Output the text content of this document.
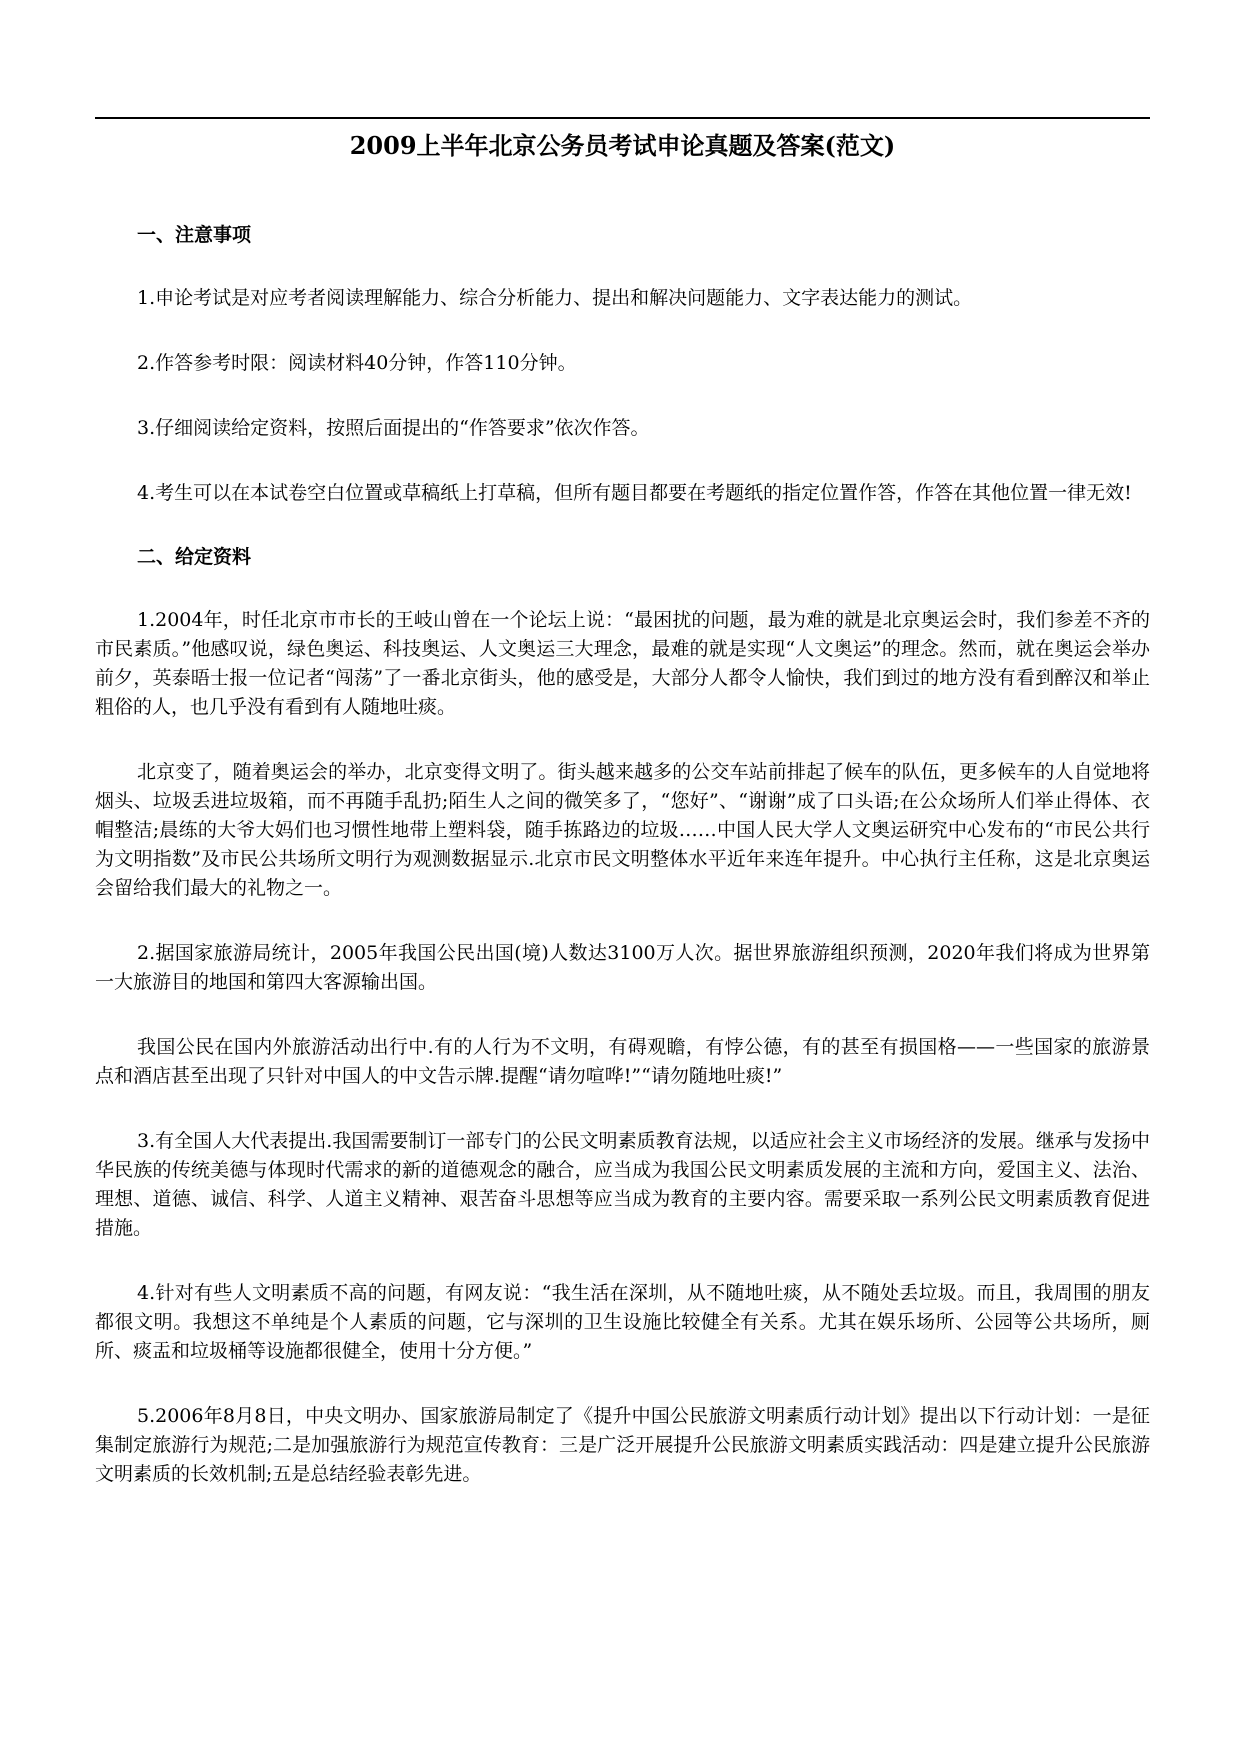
2009上半年北京公务员考试申论真题及答案(范文)
一、注意事项

1.申论考试是对应考者阅读理解能力、综合分析能力、提出和解决问题能力、文字表达能力的测试。

2.作答参考时限：阅读材料40分钟，作答110分钟。

3.仔细阅读给定资料，按照后面提出的“作答要求”依次作答。

4.考生可以在本试卷空白位置或草稿纸上打草稿，但所有题目都要在考题纸的指定位置作答，作答在其他位置一律无效!

二、给定资料

1.2004年，时任北京市市长的王岐山曾在一个论坛上说：“最困扰的问题，最为难的就是北京奥运会时，我们参差不齐的市民素质。”他感叹说，绿色奥运、科技奥运、人文奥运三大理念，最难的就是实现“人文奥运”的理念。然而，就在奥运会举办前夕，英泰晤士报一位记者“闯荡”了一番北京街头，他的感受是，大部分人都令人愉快，我们到过的地方没有看到醉汉和举止粗俗的人，也几乎没有看到有人随地吐痰。

北京变了，随着奥运会的举办，北京变得文明了。街头越来越多的公交车站前排起了候车的队伍，更多候车的人自觉地将烟头、垃圾丢进垃圾箱，而不再随手乱扔;陌生人之间的微笑多了，“您好”、“谢谢”成了口头语;在公众场所人们举止得体、衣帽整洁;晨练的大爷大妈们也习惯性地带上塑料袋，随手拣路边的垃圾……中国人民大学人文奥运研究中心发布的“市民公共行为文明指数”及市民公共场所文明行为观测数据显示.北京市民文明整体水平近年来连年提升。中心执行主任称，这是北京奥运会留给我们最大的礼物之一。

2.据国家旅游局统计，2005年我国公民出国(境)人数达3100万人次。据世界旅游组织预测，2020年我们将成为世界第一大旅游目的地国和第四大客源输出国。

我国公民在国内外旅游活动出行中.有的人行为不文明，有碍观瞻，有悖公德，有的甚至有损国格——一些国家的旅游景点和酒店甚至出现了只针对中国人的中文告示牌.提醒“请勿喧哗!”“请勿随地吐痰!”

3.有全国人大代表提出.我国需要制订一部专门的公民文明素质教育法规，以适应社会主义市场经济的发展。继承与发扬中华民族的传统美德与体现时代需求的新的道德观念的融合，应当成为我国公民文明素质发展的主流和方向，爱国主义、法治、理想、道德、诚信、科学、人道主义精神、艰苦奋斗思想等应当成为教育的主要内容。需要采取一系列公民文明素质教育促进措施。

4.针对有些人文明素质不高的问题，有网友说：“我生活在深圳，从不随地吐痰，从不随处丢垃圾。而且，我周围的朋友都很文明。我想这不单纯是个人素质的问题，它与深圳的卫生设施比较健全有关系。尤其在娱乐场所、公园等公共场所，厕所、痰盂和垃圾桶等设施都很健全，使用十分方便。”

5.2006年8月8日，中央文明办、国家旅游局制定了《提升中国公民旅游文明素质行动计划》提出以下行动计划：一是征集制定旅游行为规范;二是加强旅游行为规范宣传教育：三是广泛开展提升公民旅游文明素质实践活动：四是建立提升公民旅游文明素质的长效机制;五是总结经验表彰先进。
